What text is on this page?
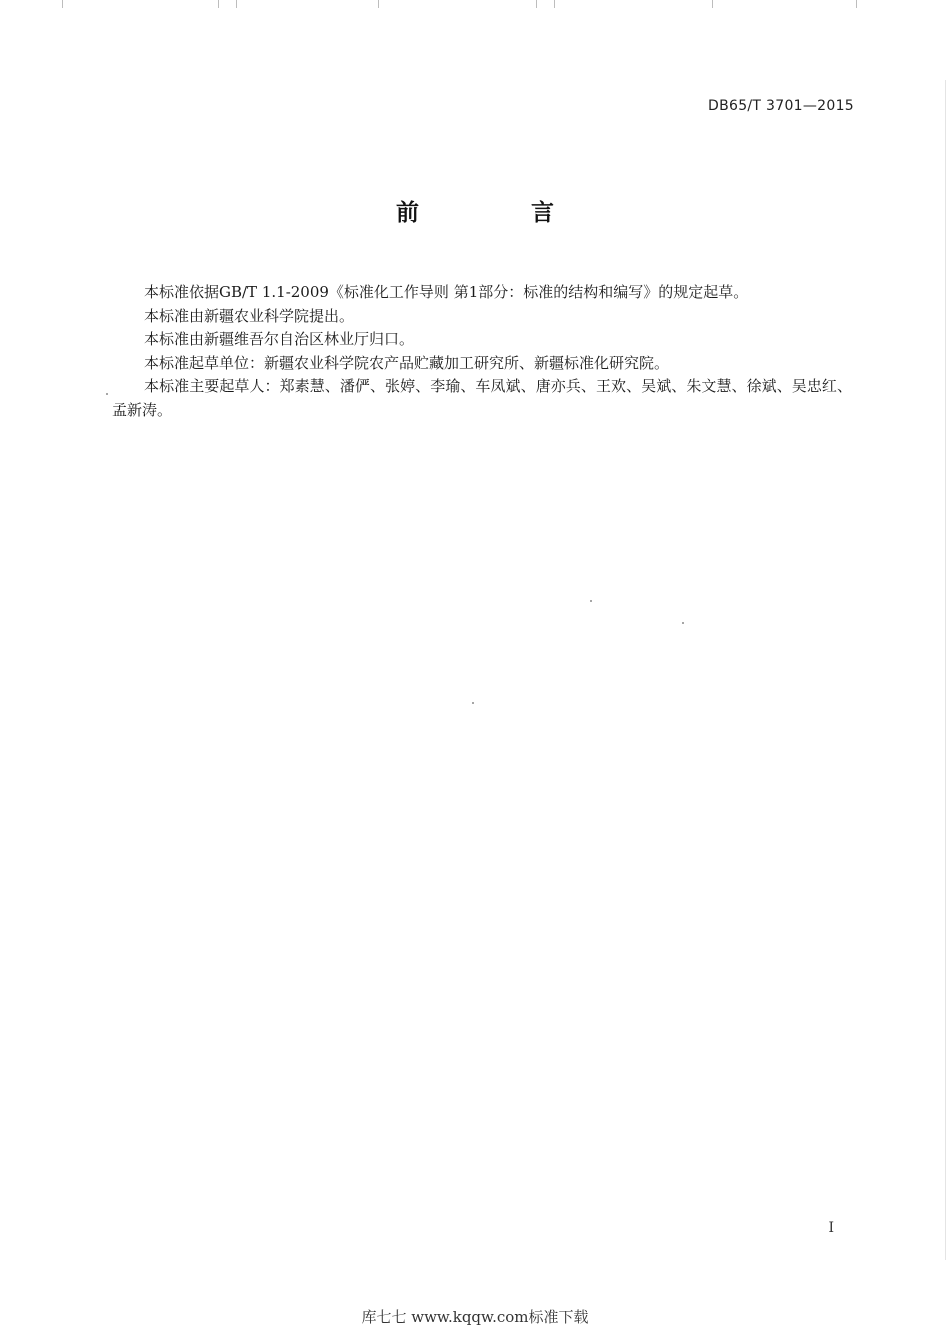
DB65/T 3701—2015
前 言

本标准依据GB/T 1.1-2009《标准化工作导则 第1部分：标准的结构和编写》的规定起草。

本标准由新疆农业科学院提出。

本标准由新疆维吾尔自治区林业厅归口。

本标准起草单位：新疆农业科学院农产品贮藏加工研究所、新疆标准化研究院。

本标准主要起草人：郑素慧、潘俨、张婷、李瑜、车凤斌、唐亦兵、王欢、吴斌、朱文慧、徐斌、吴忠红、孟新涛。

I
库七七 www.kqqw.com标准下载
